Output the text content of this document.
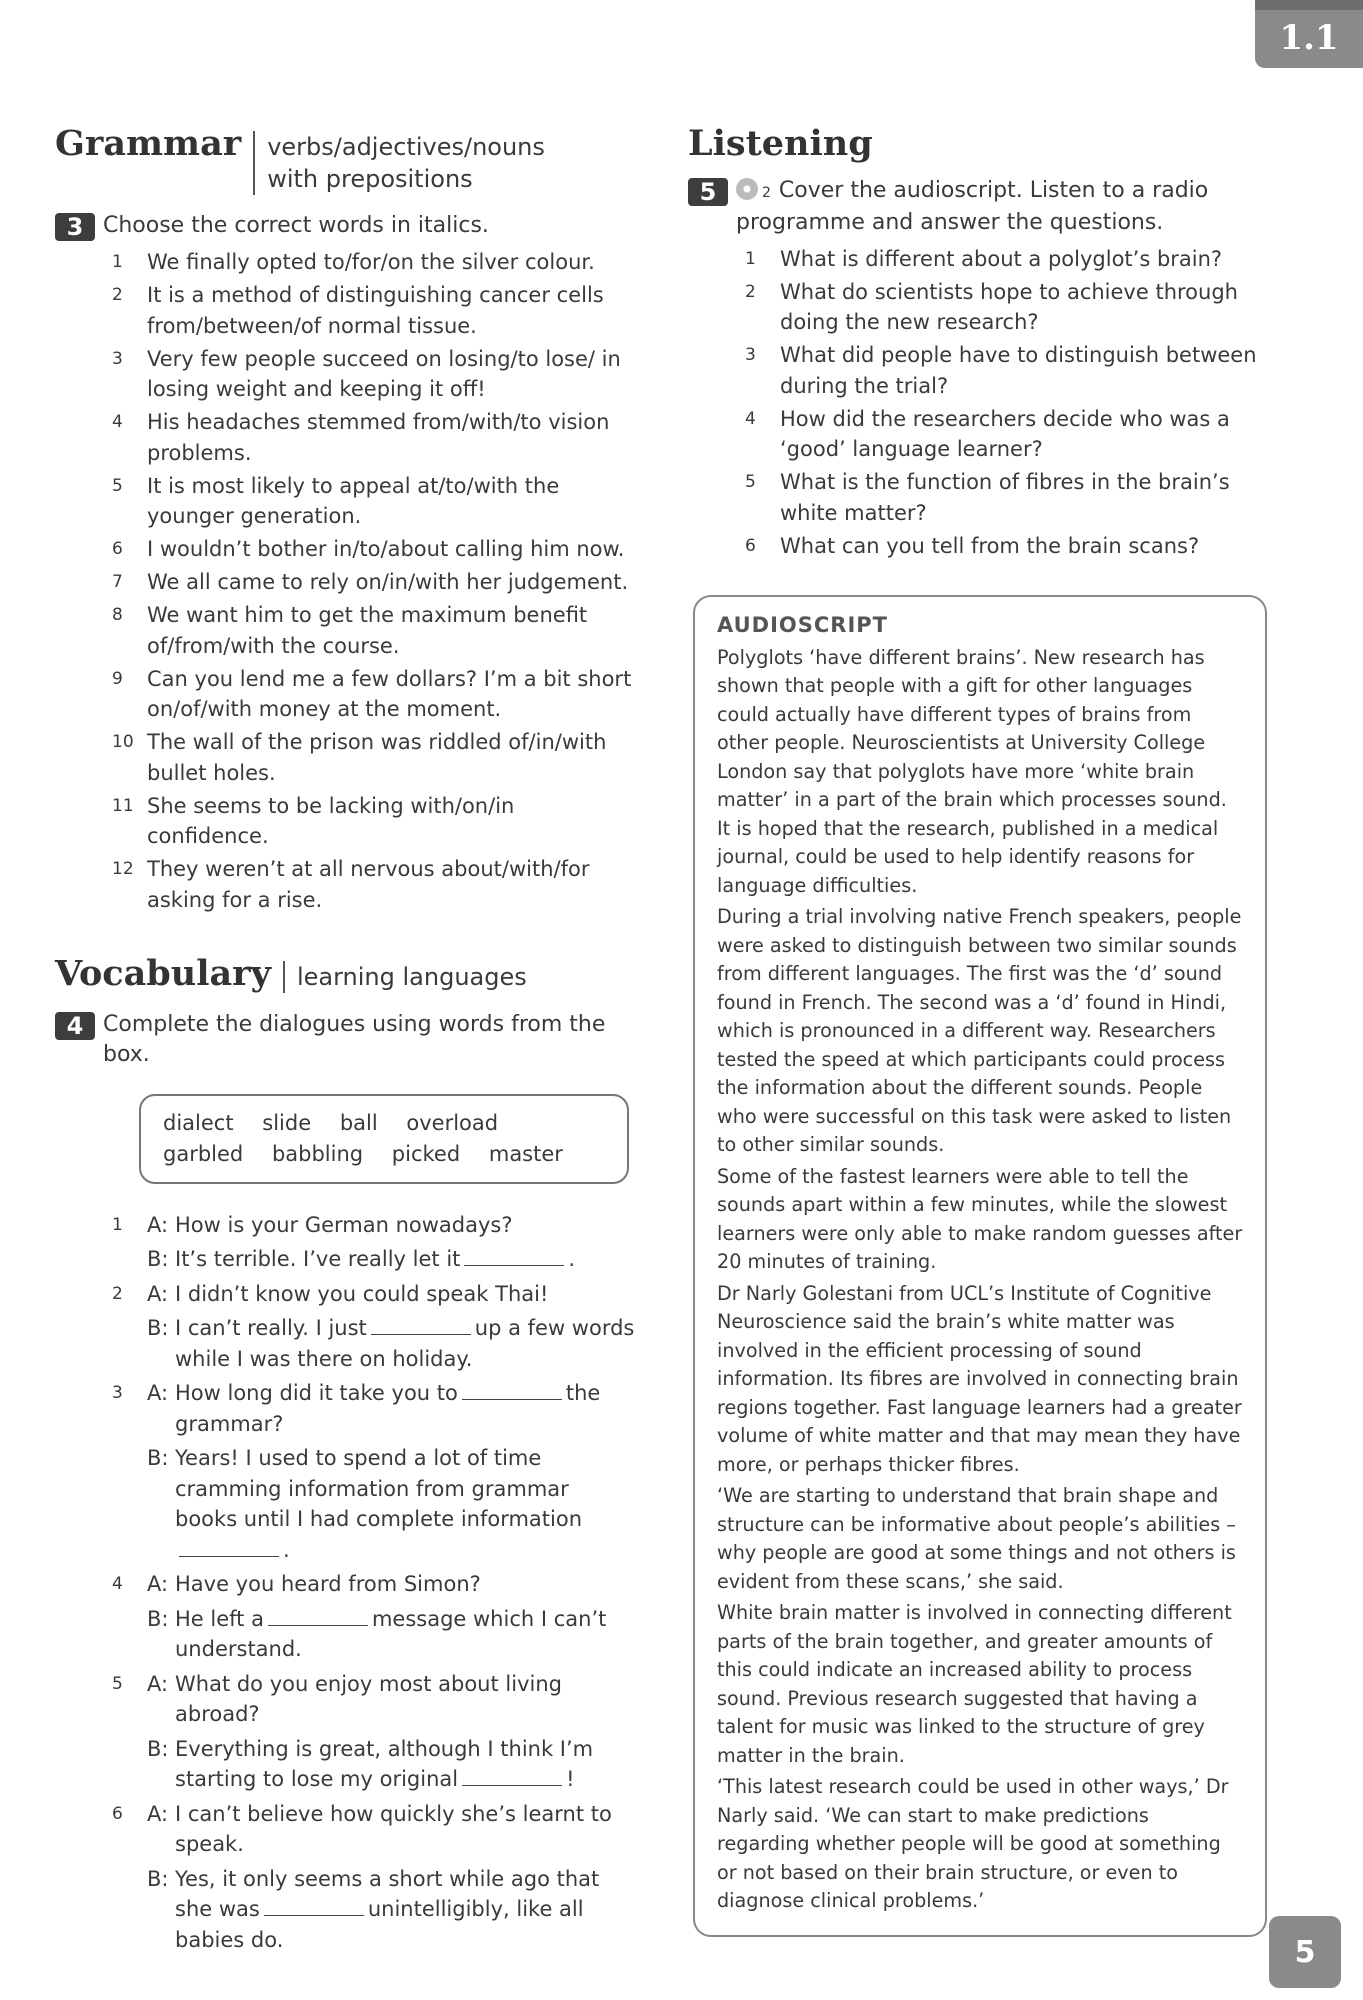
1.1
Grammar	verbs/adjectives/nouns with prepositions
3 Choose the correct words in italics.
1	We finally opted to/for/on the silver colour.
2	It is a method of distinguishing cancer cells from/between/of normal tissue.
3	Very few people succeed on losing/to lose/ in losing weight and keeping it off!
4	His headaches stemmed from/with/to vision problems.
5	It is most likely to appeal at/to/with the younger generation.
6	I wouldn’t bother in/to/about calling him now.
7	We all came to rely on/in/with her judgement.
8	We want him to get the maximum benefit of/from/with the course.
9	Can you lend me a few dollars? I’m a bit short on/of/with money at the moment.
10 The wall of the prison was riddled of/in/with bullet holes.
11 She seems to be lacking with/on/in confidence.
12 They weren’t at all nervous about/with/for asking for a rise.
Vocabulary	learning languages
4 Complete the dialogues using words from the box.
dialect slide ball overload
garbled babbling picked master
1	A: How is your German nowadays?
B: It’s terrible. I’ve really let it	.
2	A: I didn’t know you could speak Thai!
B: I can’t really. I just	up a few words while I was there on holiday.
3	A: How long did it take you to	the grammar?
B: Years! I used to spend a lot of time cramming information from grammar books until I had complete information.
4	A: Have you heard from Simon?
B: He left a	message which I can’t understand.
5	A: What do you enjoy most about living abroad?
B: Everything is great, although I think I’m starting to lose my original	!
6	A: I can’t believe how quickly she’s learnt to speak.
B: Yes, it only seems a short while ago that she was	unintelligibly, like all babies do.
Listening
5	2 Cover the audioscript. Listen to a radio programme and answer the questions.
1	What is different about a polyglot’s brain?
2	What do scientists hope to achieve through doing the new research?
3	What did people have to distinguish between during the trial?
4	How did the researchers decide who was a ‘good’ language learner?
5	What is the function of fibres in the brain’s white matter?
6	What can you tell from the brain scans?
AUDIOSCRIPT

Polyglots ‘have different brains’. New research has shown that people with a gift for other languages could actually have different types of brains from other people. Neuroscientists at University College London say that polyglots have more ‘white brain matter’ in a part of the brain which processes sound. It is hoped that the research, published in a medical journal, could be used to help identify reasons for language difficulties.

During a trial involving native French speakers, people were asked to distinguish between two similar sounds from different languages. The first was the ‘d’ sound found in French. The second was a ‘d’ found in Hindi, which is pronounced in a different way. Researchers tested the speed at which participants could process the information about the different sounds. People who were successful on this task were asked to listen to other similar sounds.

Some of the fastest learners were able to tell the sounds apart within a few minutes, while the slowest learners were only able to make random guesses after 20 minutes of training.

Dr Narly Golestani from UCL’s Institute of Cognitive Neuroscience said the brain’s white matter was involved in the efficient processing of sound information. Its fibres are involved in connecting brain regions together. Fast language learners had a greater volume of white matter and that may mean they have more, or perhaps thicker fibres.

‘We are starting to understand that brain shape and structure can be informative about people’s abilities – why people are good at some things and not others is evident from these scans,’ she said.

White brain matter is involved in connecting different parts of the brain together, and greater amounts of this could indicate an increased ability to process sound. Previous research suggested that having a talent for music was linked to the structure of grey matter in the brain.

‘This latest research could be used in other ways,’ Dr Narly said. ‘We can start to make predictions regarding whether people will be good at something or not based on their brain structure, or even to diagnose clinical problems.’

5
